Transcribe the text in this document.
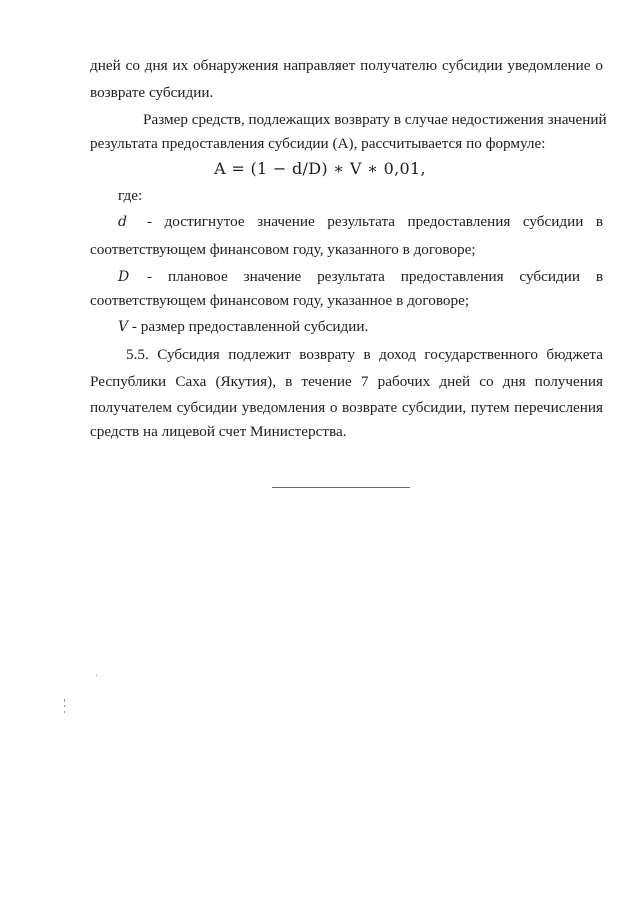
дней со дня их обнаружения направляет получателю субсидии уведомление о
возврате субсидии.
Размер средств, подлежащих возврату в случае недостижения значений
результата предоставления субсидии (А), рассчитывается по формуле:
A = (1 − d/D) ∗ V ∗ 0,01,
где:
d - достигнутое значение результата предоставления субсидии в
соответствующем финансовом году, указанного в договоре;
D - плановое значение результата предоставления субсидии в
соответствующем финансовом году, указанное в договоре;
V - размер предоставленной субсидии.
5.5. Субсидия подлежит возврату в доход государственного бюджета
Республики Саха (Якутия), в течение 7 рабочих дней со дня получения
получателем субсидии уведомления о возврате субсидии, путем перечисления
средств на лицевой счет Министерства.
